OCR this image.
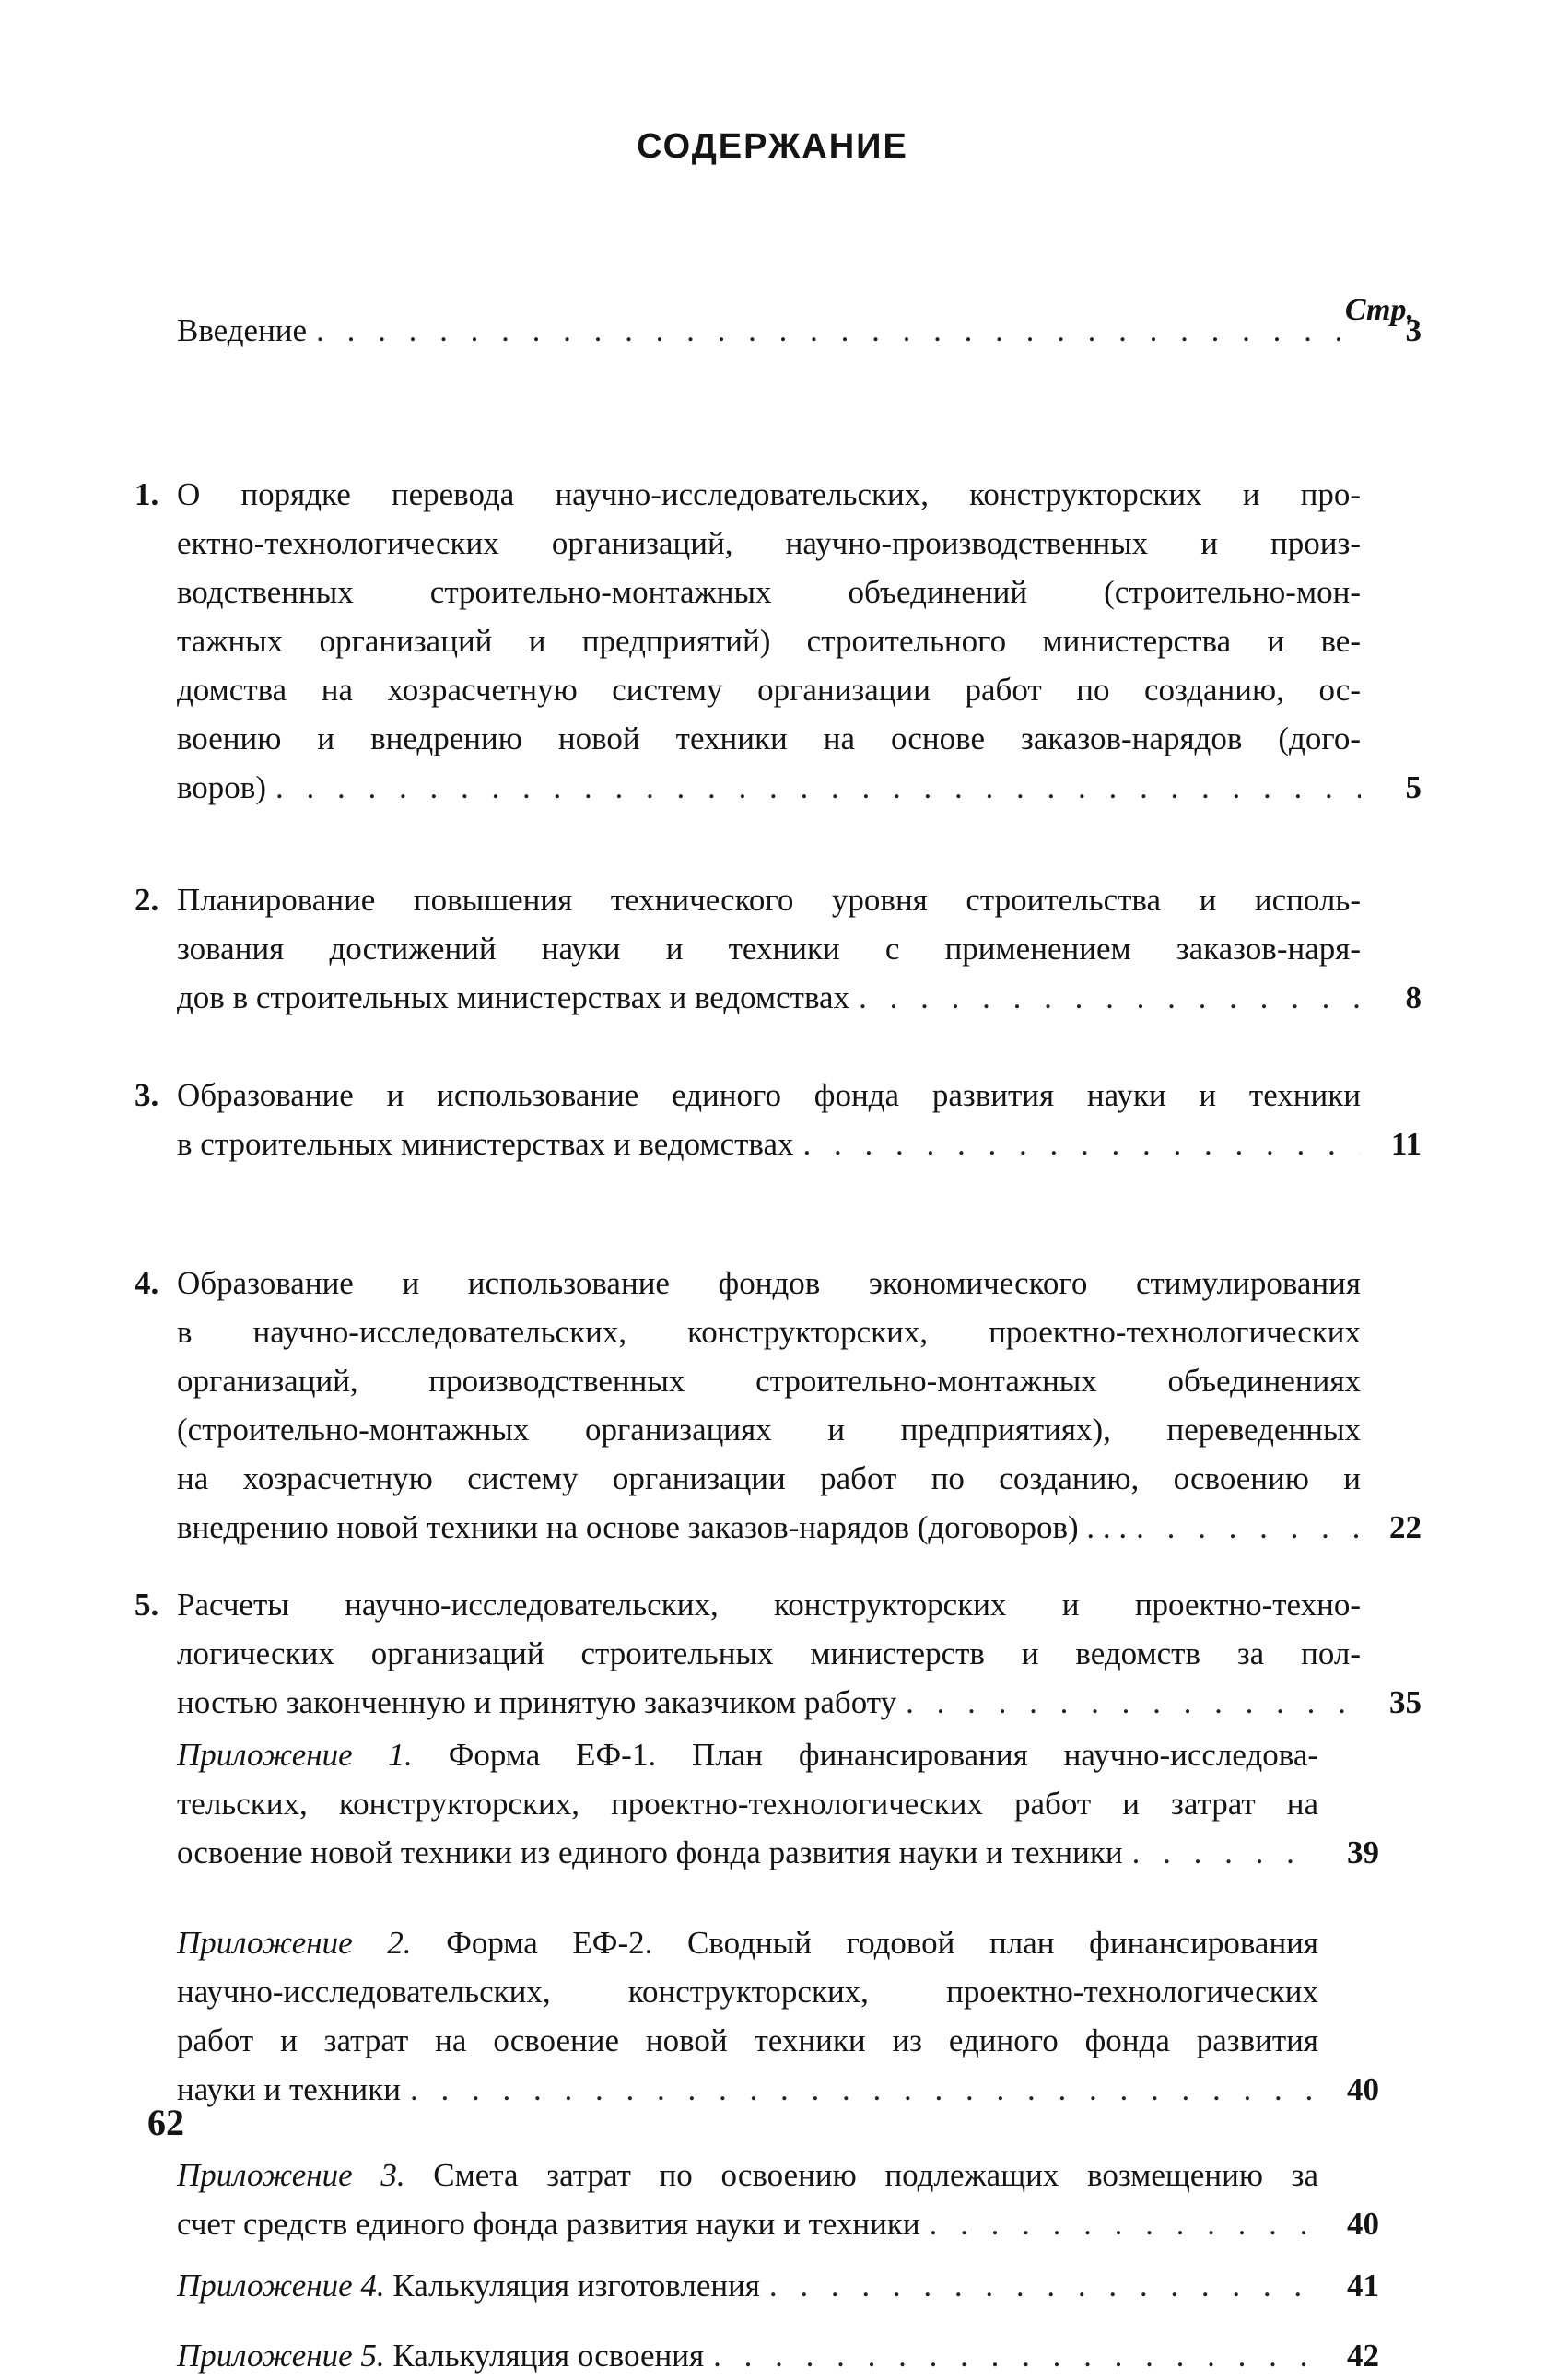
СОДЕРЖАНИЕ
Стр.
Введение . . .	3
1. О порядке перевода научно-исследовательских, конструкторских и про-
ектно-технологических организаций, научно-производственных и произ-
водственных строительно-монтажных объединений (строительно-мон-
тажных организаций и предприятий) строительного министерства и ве-
домства на хозрасчетную систему организации работ по созданию, ос-
воению и внедрению новой техники на основе заказов-нарядов (дого-
воров) . . .	5
2. Планирование повышения технического уровня строительства и исполь-
зования достижений науки и техники с применением заказов-наря-
дов в строительных министерствах и ведомствах . . .	8
3. Образование и использование единого фонда развития науки и техники
в строительных министерствах и ведомствах . . .	11
4. Образование и использование фондов экономического стимулирования
в научно-исследовательских, конструкторских, проектно-технологических
организаций, производственных строительно-монтажных объединениях
(строительно-монтажных организациях и предприятиях), переведенных
на хозрасчетную систему организации работ по созданию, освоению и
внедрению новой техники на основе заказов-нарядов (договоров) . . . . . .	22
5. Расчеты научно-исследовательских, конструкторских и проектно-техно-
логических организаций строительных министерств и ведомств за пол-
ностью законченную и принятую заказчиком работу . . .	35
Приложение 1. Форма ЕФ-1. План финансирования научно-исследова-
тельских, конструкторских, проектно-технологических работ и затрат на
освоение новой техники из единого фонда развития науки и техники . . .	39
Приложение 2. Форма ЕФ-2. Сводный годовой план финансирования
научно-исследовательских, конструкторских, проектно-технологических
работ и затрат на освоение новой техники из единого фонда развития
науки и техники . . .	40
Приложение 3. Смета затрат по освоению подлежащих возмещению за
счет средств единого фонда развития науки и техники . . .	40
Приложение 4. Калькуляция изготовления . . .	41
Приложение 5. Калькуляция освоения . . .	42
62
